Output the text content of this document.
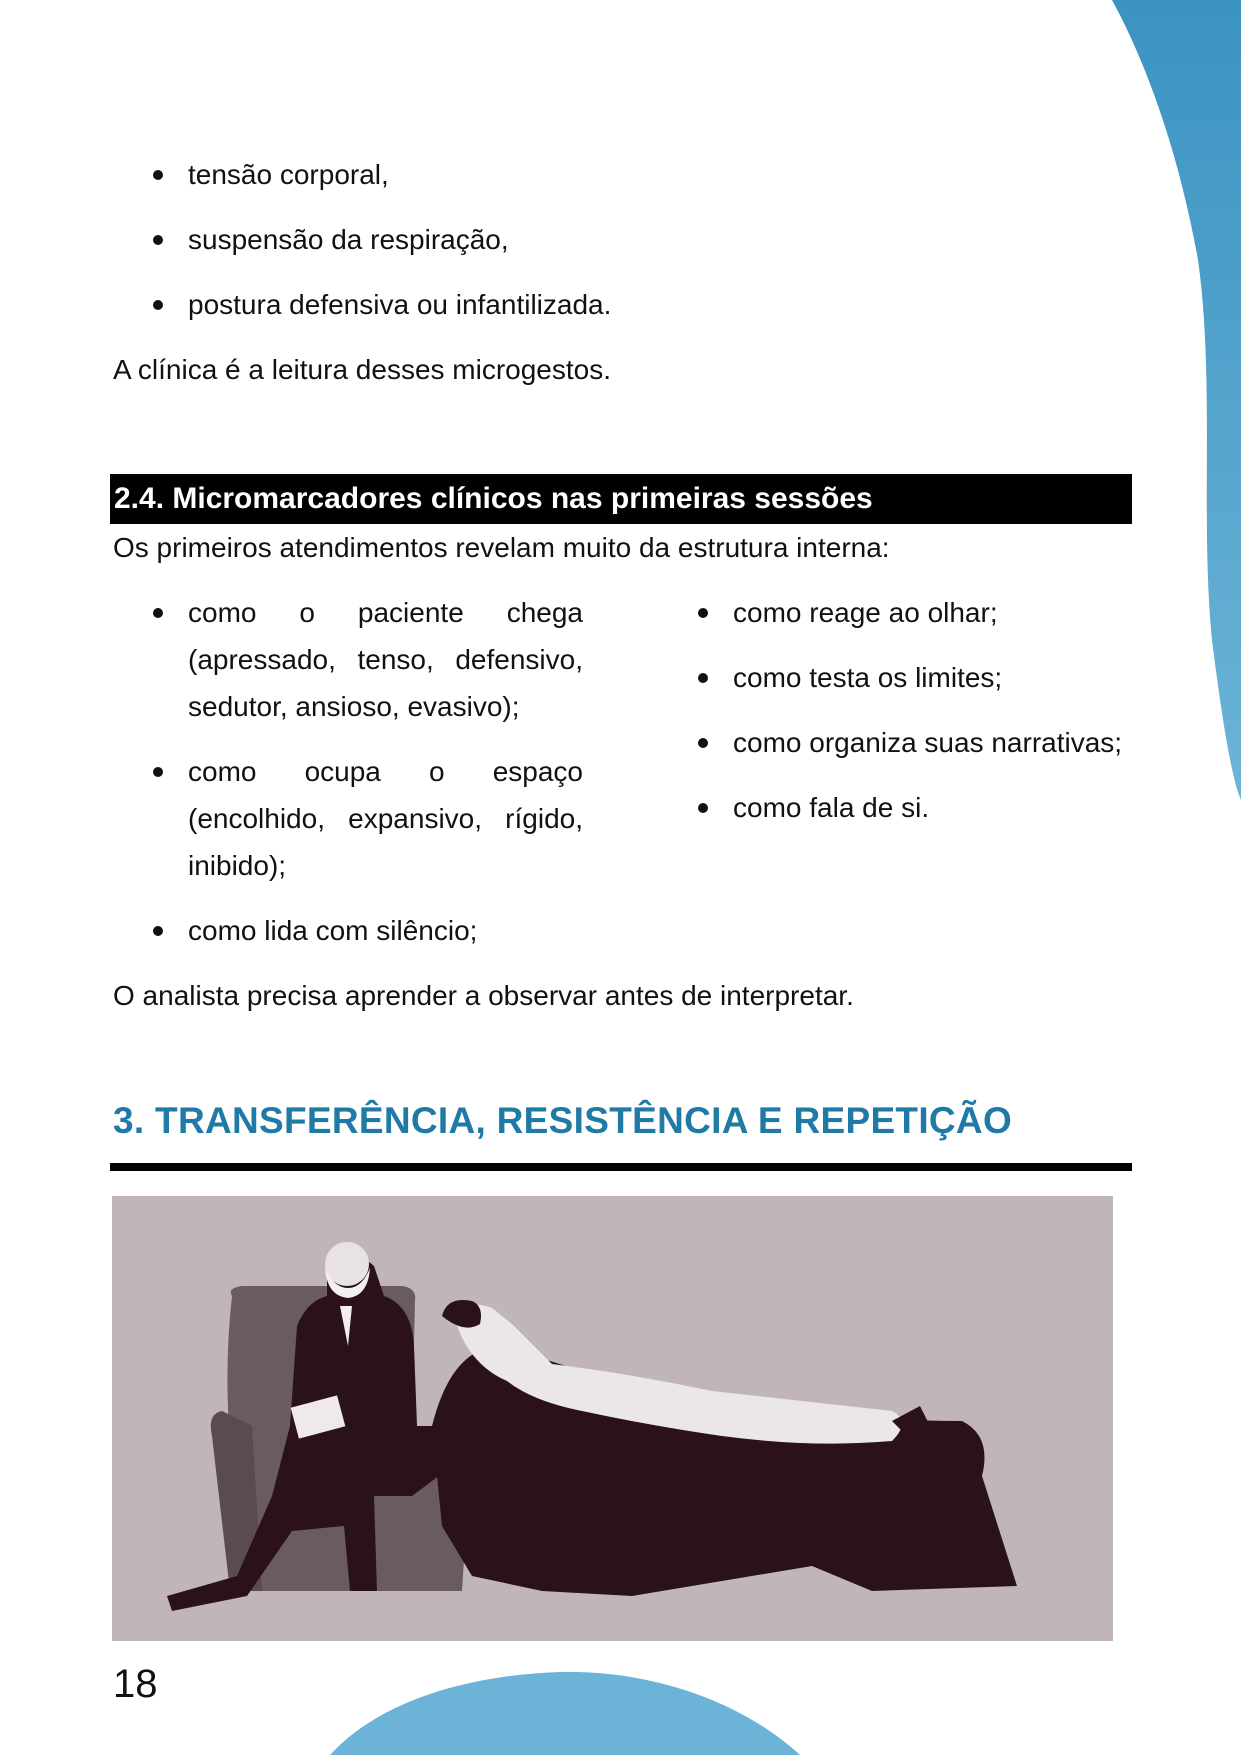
tensão corporal,
suspensão da respiração,
postura defensiva ou infantilizada.

A clínica é a leitura desses microgestos.

2.4. Micromarcadores clínicos nas primeiras sessões

Os primeiros atendimentos revelam muito da estrutura interna:

como o paciente chega (apressado, tenso, defensivo, sedutor, ansioso, evasivo);
como ocupa o espaço (encolhido, expansivo, rígido, inibido);
como lida com silêncio;
como reage ao olhar;
como testa os limites;
como organiza suas narrativas;
como fala de si.

O analista precisa aprender a observar antes de interpretar.

3. TRANSFERÊNCIA, RESISTÊNCIA E REPETIÇÃO

18
